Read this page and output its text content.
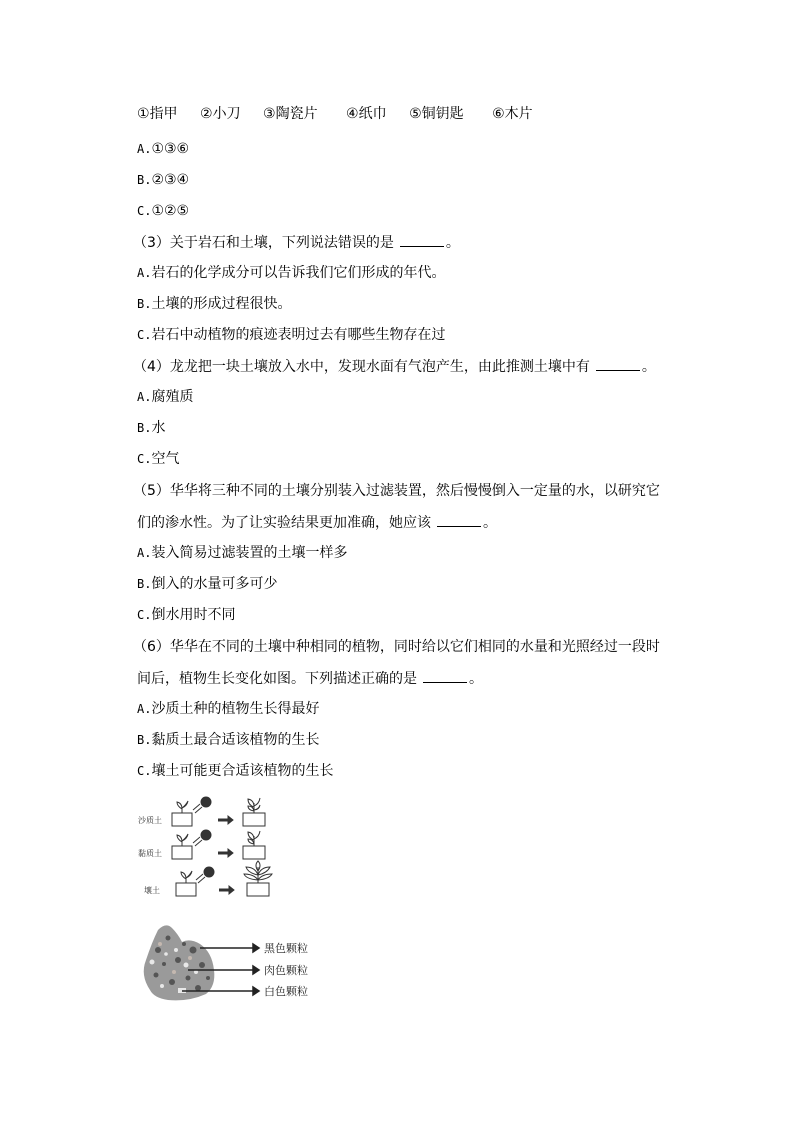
①指甲 ②小刀 ③陶瓷片 ④纸巾 ⑤铜钥匙 ⑥木片
A.①③⑥
B.②③④
C.①②⑤
（3）关于岩石和土壤，下列说法错误的是	。
A.岩石的化学成分可以告诉我们它们形成的年代。
B.土壤的形成过程很快。
C.岩石中动植物的痕迹表明过去有哪些生物存在过
（4）龙龙把一块土壤放入水中，发现水面有气泡产生，由此推测土壤中有	。
A.腐殖质
B.水
C.空气
（5）华华将三种不同的土壤分别装入过滤装置，然后慢慢倒入一定量的水，以研究它
们的渗水性。为了让实验结果更加准确，她应该	。
A.装入简易过滤装置的土壤一样多
B.倒入的水量可多可少
C.倒水用时不同
（6）华华在不同的土壤中种相同的植物，同时给以它们相同的水量和光照经过一段时
间后，植物生长变化如图。下列描述正确的是	。
A.沙质土种的植物生长得最好
B.黏质土最合适该植物的生长
C.壤土可能更合适该植物的生长
沙质土
黏质土
壤土
黑色颗粒
肉色颗粒
白色颗粒
